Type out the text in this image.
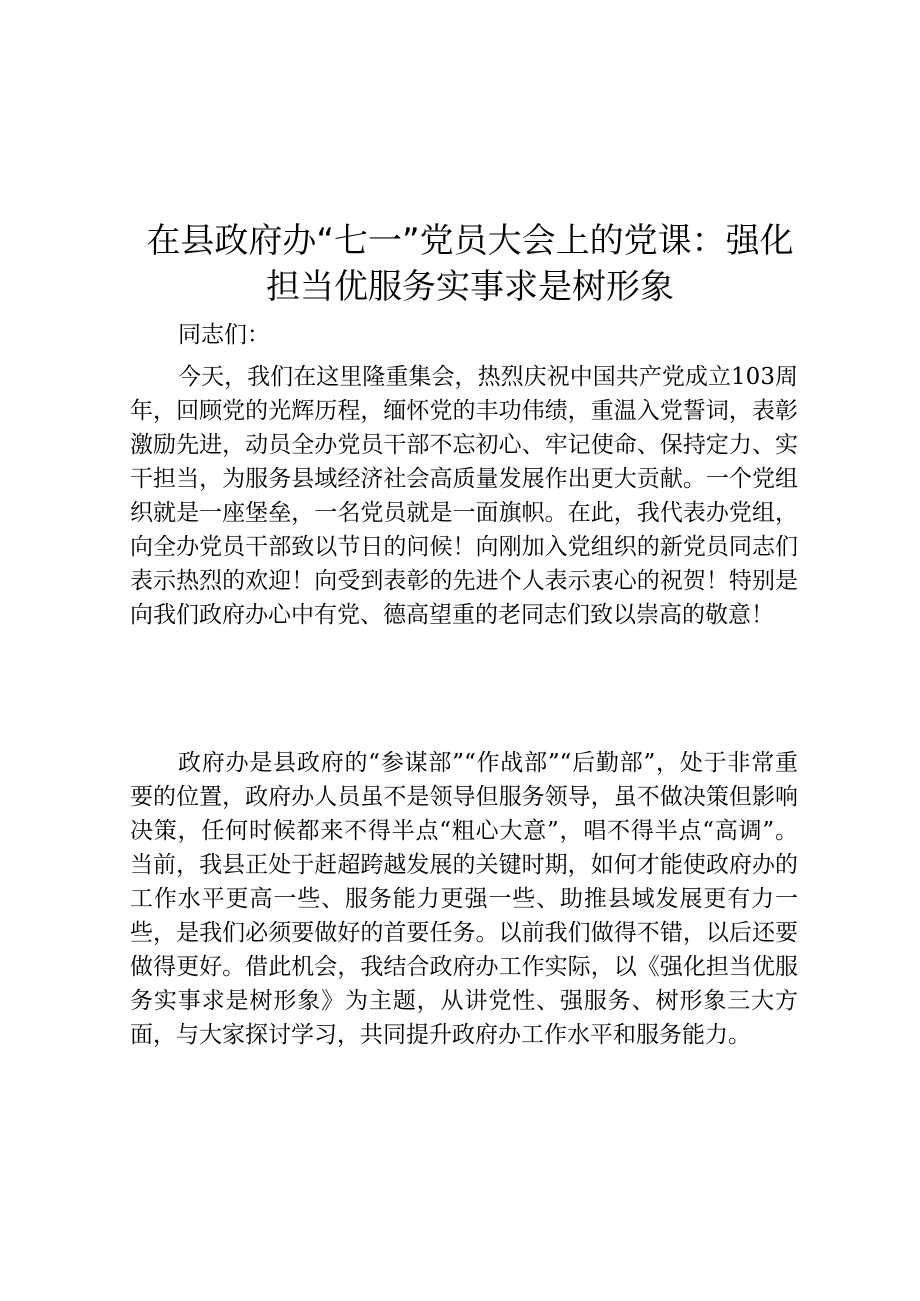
在县政府办“七一”党员大会上的党课：强化
担当优服务实事求是树形象

同志们：

今天，我们在这里隆重集会，热烈庆祝中国共产党成立103周年，回顾党的光辉历程，缅怀党的丰功伟绩，重温入党誓词，表彰激励先进，动员全办党员干部不忘初心、牢记使命、保持定力、实干担当，为服务县域经济社会高质量发展作出更大贡献。一个党组织就是一座堡垒，一名党员就是一面旗帜。在此，我代表办党组，向全办党员干部致以节日的问候！向刚加入党组织的新党员同志们表示热烈的欢迎！向受到表彰的先进个人表示衷心的祝贺！特别是向我们政府办心中有党、德高望重的老同志们致以崇高的敬意！

政府办是县政府的“参谋部”“作战部”“后勤部”，处于非常重要的位置，政府办人员虽不是领导但服务领导，虽不做决策但影响决策，任何时候都来不得半点“粗心大意”，唱不得半点“高调”。当前，我县正处于赶超跨越发展的关键时期，如何才能使政府办的工作水平更高一些、服务能力更强一些、助推县域发展更有力一些，是我们必须要做好的首要任务。以前我们做得不错，以后还要做得更好。借此机会，我结合政府办工作实际，以《强化担当优服务实事求是树形象》为主题，从讲党性、强服务、树形象三大方面，与大家探讨学习，共同提升政府办工作水平和服务能力。
